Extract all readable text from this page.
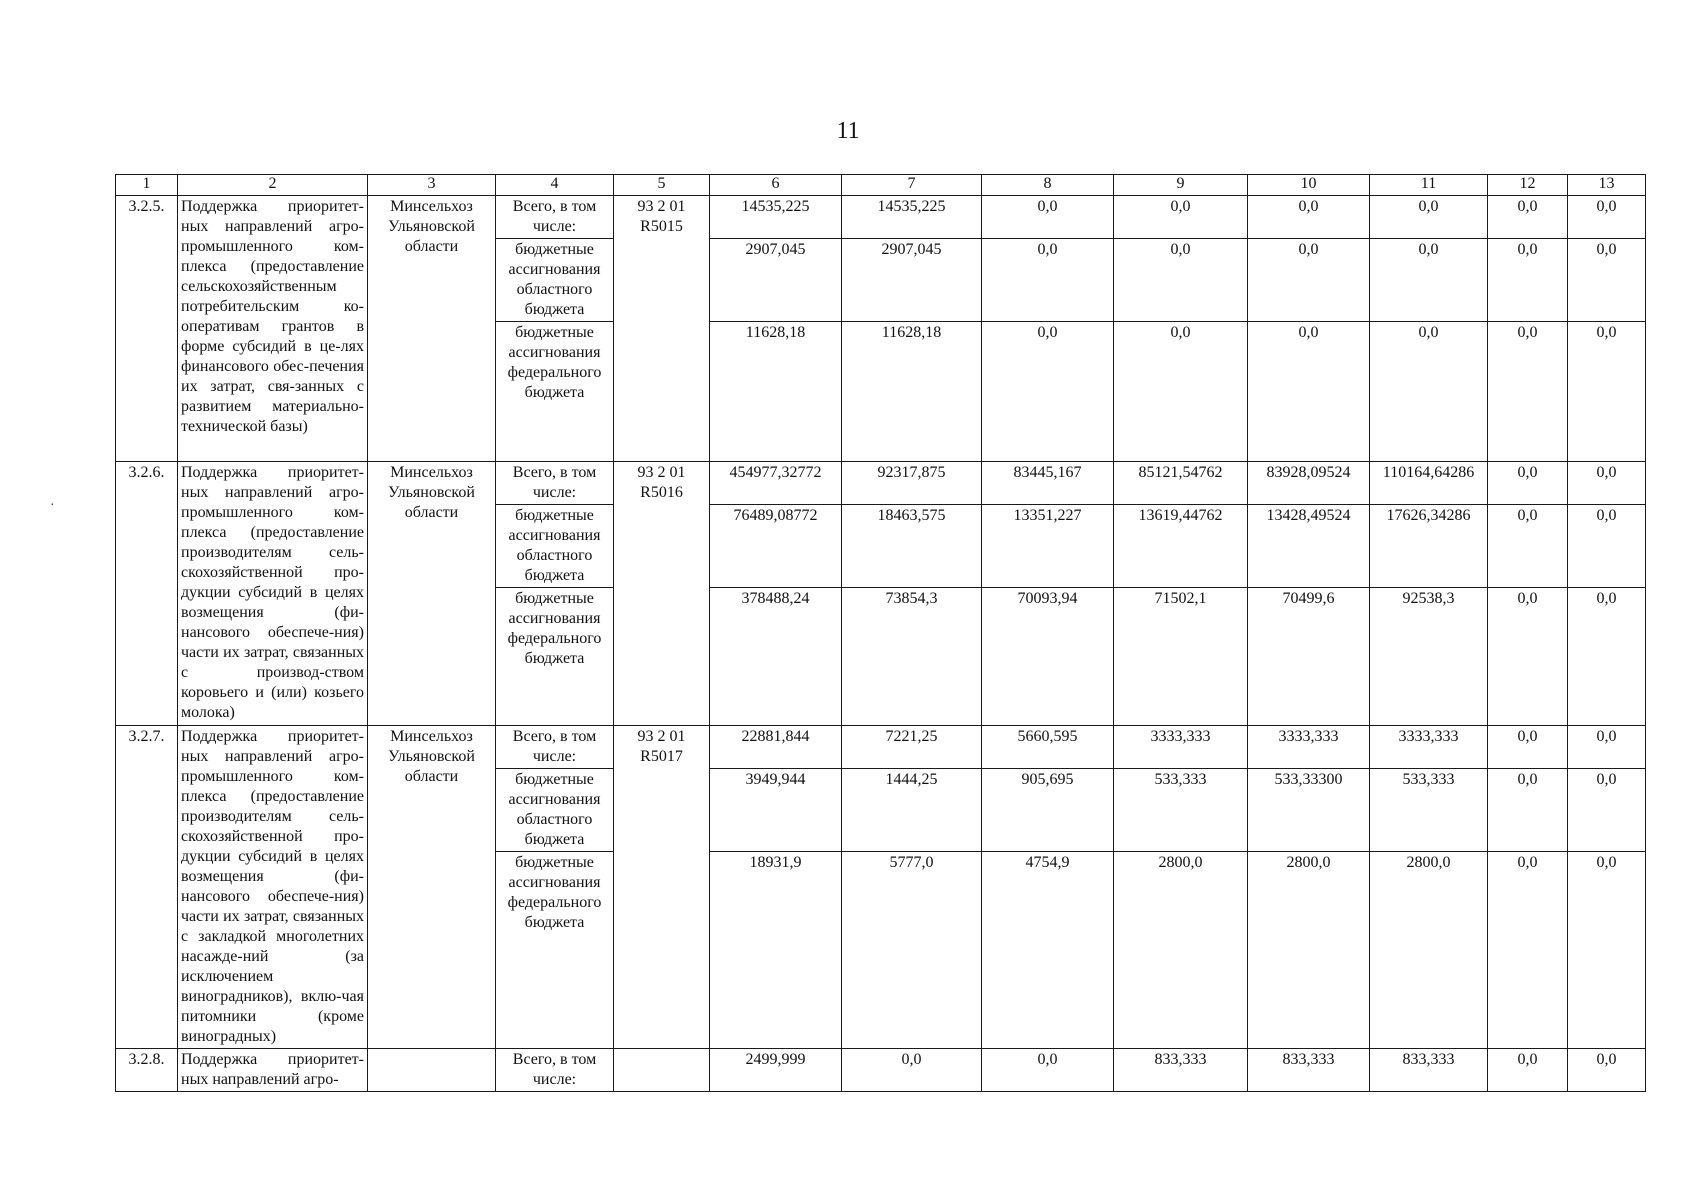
11
1	2	3	4	5	6	7	8	9	10	11	12	13
3.2.5.	Поддержка приоритет-ных направлений агро-промышленного ком-плекса (предоставление сельскохозяйственным потребительским ко-оперативам грантов в форме субсидий в це-лях финансового обес-печения их затрат, свя-занных с развитием материально-технической базы)	Минсельхоз Ульяновской области	Всего, в том числе:	93 2 01 R5015	14535,225	14535,225	0,0	0,0	0,0	0,0	0,0	0,0
			бюджетные ассигнования областного бюджета		2907,045	2907,045	0,0	0,0	0,0	0,0	0,0	0,0
			бюджетные ассигнования федерального бюджета		11628,18	11628,18	0,0	0,0	0,0	0,0	0,0	0,0
3.2.6.	Поддержка приоритет-ных направлений агро-промышленного ком-плекса (предоставление производителям сель-скохозяйственной про-дукции субсидий в целях возмещения (фи-нансового обеспече-ния) части их затрат, связанных с производ-ством коровьего и (или) козьего молока)	Минсельхоз Ульяновской области	Всего, в том числе:	93 2 01 R5016	454977,32772	92317,875	83445,167	85121,54762	83928,09524	110164,64286	0,0	0,0
			бюджетные ассигнования областного бюджета		76489,08772	18463,575	13351,227	13619,44762	13428,49524	17626,34286	0,0	0,0
			бюджетные ассигнования федерального бюджета		378488,24	73854,3	70093,94	71502,1	70499,6	92538,3	0,0	0,0
3.2.7.	Поддержка приоритет-ных направлений агро-промышленного ком-плекса (предоставление производителям сель-скохозяйственной про-дукции субсидий в целях возмещения (фи-нансового обеспече-ния) части их затрат, связанных с закладкой многолетних насажде-ний (за исключением виноградников), вклю-чая питомники (кроме виноградных)	Минсельхоз Ульяновской области	Всего, в том числе:	93 2 01 R5017	22881,844	7221,25	5660,595	3333,333	3333,333	3333,333	0,0	0,0
			бюджетные ассигнования областного бюджета		3949,944	1444,25	905,695	533,333	533,33300	533,333	0,0	0,0
			бюджетные ассигнования федерального бюджета		18931,9	5777,0	4754,9	2800,0	2800,0	2800,0	0,0	0,0
3.2.8.	Поддержка приоритет-ных направлений агро-		Всего, в том числе:		2499,999	0,0	0,0	833,333	833,333	833,333	0,0	0,0
·
